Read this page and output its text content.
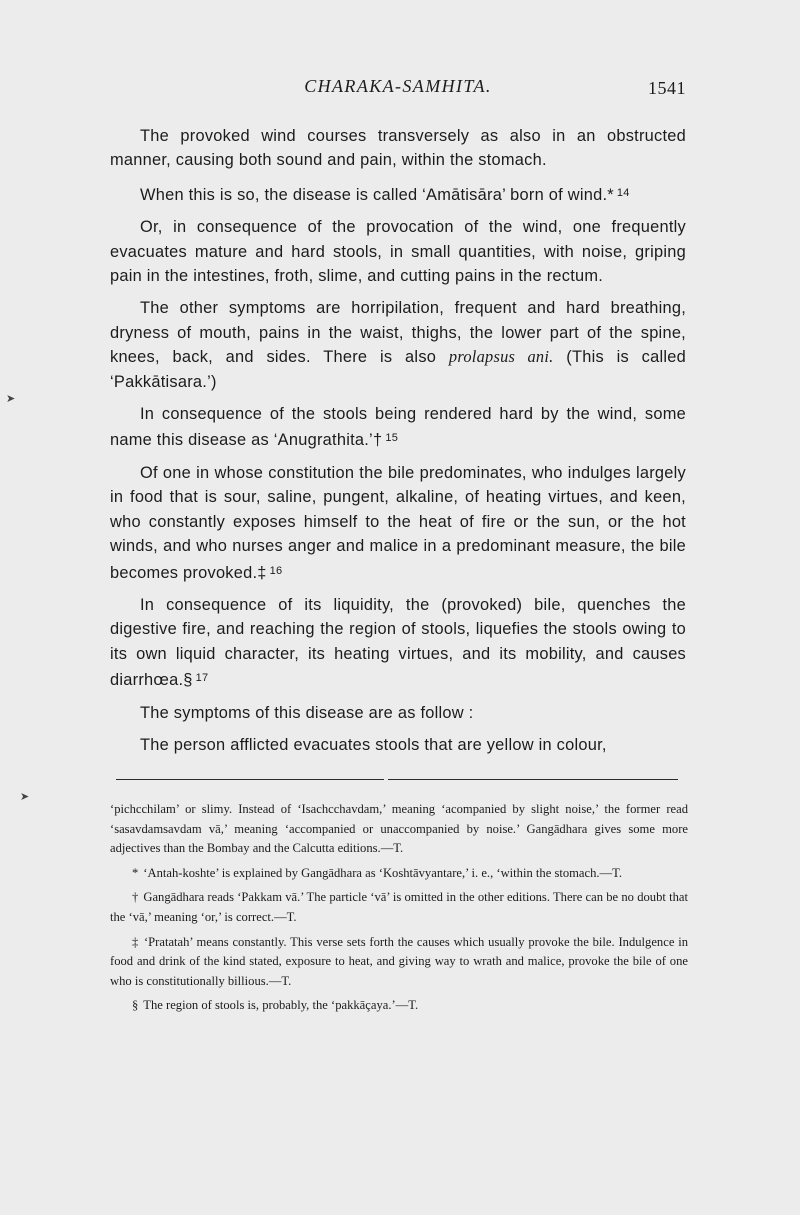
CHARAKA-SAMHITA.	1541
➤
➤

The provoked wind courses transversely as also in an obstructed manner, causing both sound and pain, within the stomach.

When this is so, the disease is called ‘Amātisāra’ born of wind.* $^{14}$

Or, in consequence of the provocation of the wind, one frequently evacuates mature and hard stools, in small quantities, with noise, griping pain in the intestines, froth, slime, and cutting pains in the rectum.

The other symptoms are horripilation, frequent and hard breathing, dryness of mouth, pains in the waist, thighs, the lower part of the spine, knees, back, and sides. There is also prolapsus ani. (This is called ‘Pakkātisara.’)

In consequence of the stools being rendered hard by the wind, some name this disease as ‘Anugrathita.’† $^{15}$

Of one in whose constitution the bile predominates, who indulges largely in food that is sour, saline, pungent, alkaline, of heating virtues, and keen, who constantly exposes himself to the heat of fire or the sun, or the hot winds, and who nurses anger and malice in a predominant measure, the bile becomes provoked.‡ $^{16}$

In consequence of its liquidity, the (provoked) bile, quenches the digestive fire, and reaching the region of stools, liquefies the stools owing to its own liquid character, its heating virtues, and its mobility, and causes diarrhœa.§ $^{17}$

The symptoms of this disease are as follow :

The person afflicted evacuates stools that are yellow in colour,

‘pichcchilam’ or slimy. Instead of ‘Isachcchavdam,’ meaning ‘acompanied by slight noise,’ the former read ‘sasavdamsavdam vā,’ meaning ‘accompanied or unaccompanied by noise.’ Gangādhara gives some more adjectives than the Bombay and the Calcutta editions.—T.

* ‘Antah-koshte’ is explained by Gangādhara as ‘Koshtāvyantare,’ i. e., ‘within the stomach.—T.

† Gangādhara reads ‘Pakkam vā.’ The particle ‘vā’ is omitted in the other editions. There can be no doubt that the ‘vā,’ meaning ‘or,’ is correct.—T.

‡ ‘Pratatah’ means constantly. This verse sets forth the causes which usually provoke the bile. Indulgence in food and drink of the kind stated, exposure to heat, and giving way to wrath and malice, provoke the bile of one who is constitutionally billious.—T.

§ The region of stools is, probably, the ‘pakkāçaya.’—T.
